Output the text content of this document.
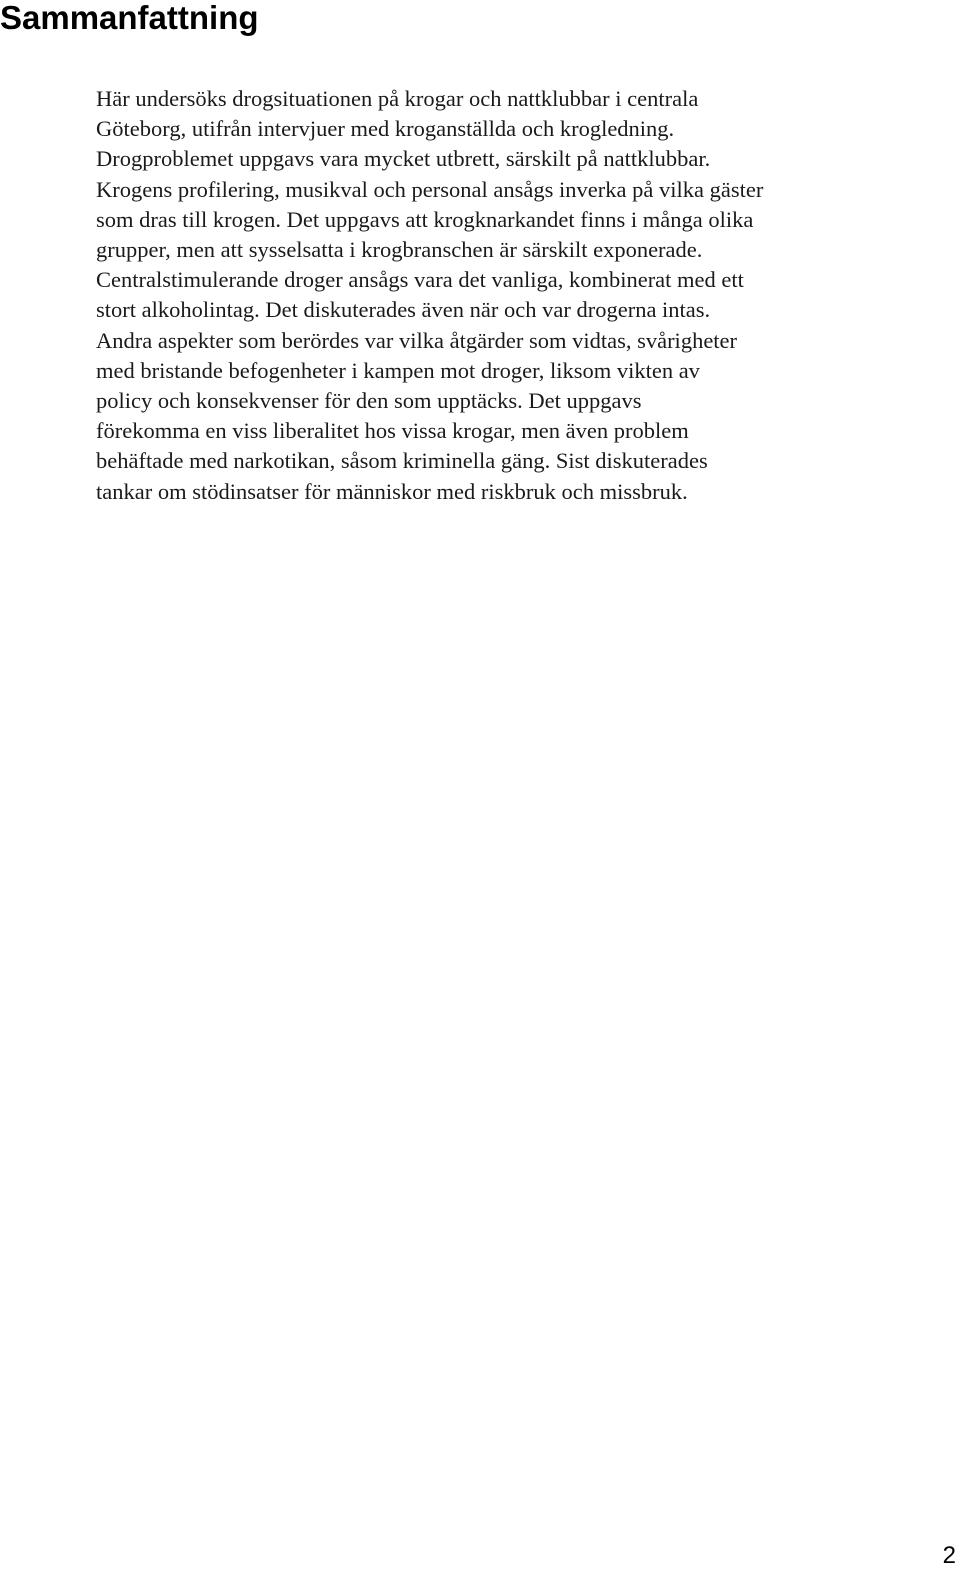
Sammanfattning
Här undersöks drogsituationen på krogar och nattklubbar i centrala
Göteborg, utifrån intervjuer med kroganställda och krogledning.
Drogproblemet uppgavs vara mycket utbrett, särskilt på nattklubbar.
Krogens profilering, musikval och personal ansågs inverka på vilka gäster
som dras till krogen. Det uppgavs att krogknarkandet finns i många olika
grupper, men att sysselsatta i krogbranschen är särskilt exponerade.
Centralstimulerande droger ansågs vara det vanliga, kombinerat med ett
stort alkoholintag. Det diskuterades även när och var drogerna intas.
Andra aspekter som berördes var vilka åtgärder som vidtas, svårigheter
med bristande befogenheter i kampen mot droger, liksom vikten av
policy och konsekvenser för den som upptäcks. Det uppgavs
förekomma en viss liberalitet hos vissa krogar, men även problem
behäftade med narkotikan, såsom kriminella gäng. Sist diskuterades
tankar om stödinsatser för människor med riskbruk och missbruk.
2
